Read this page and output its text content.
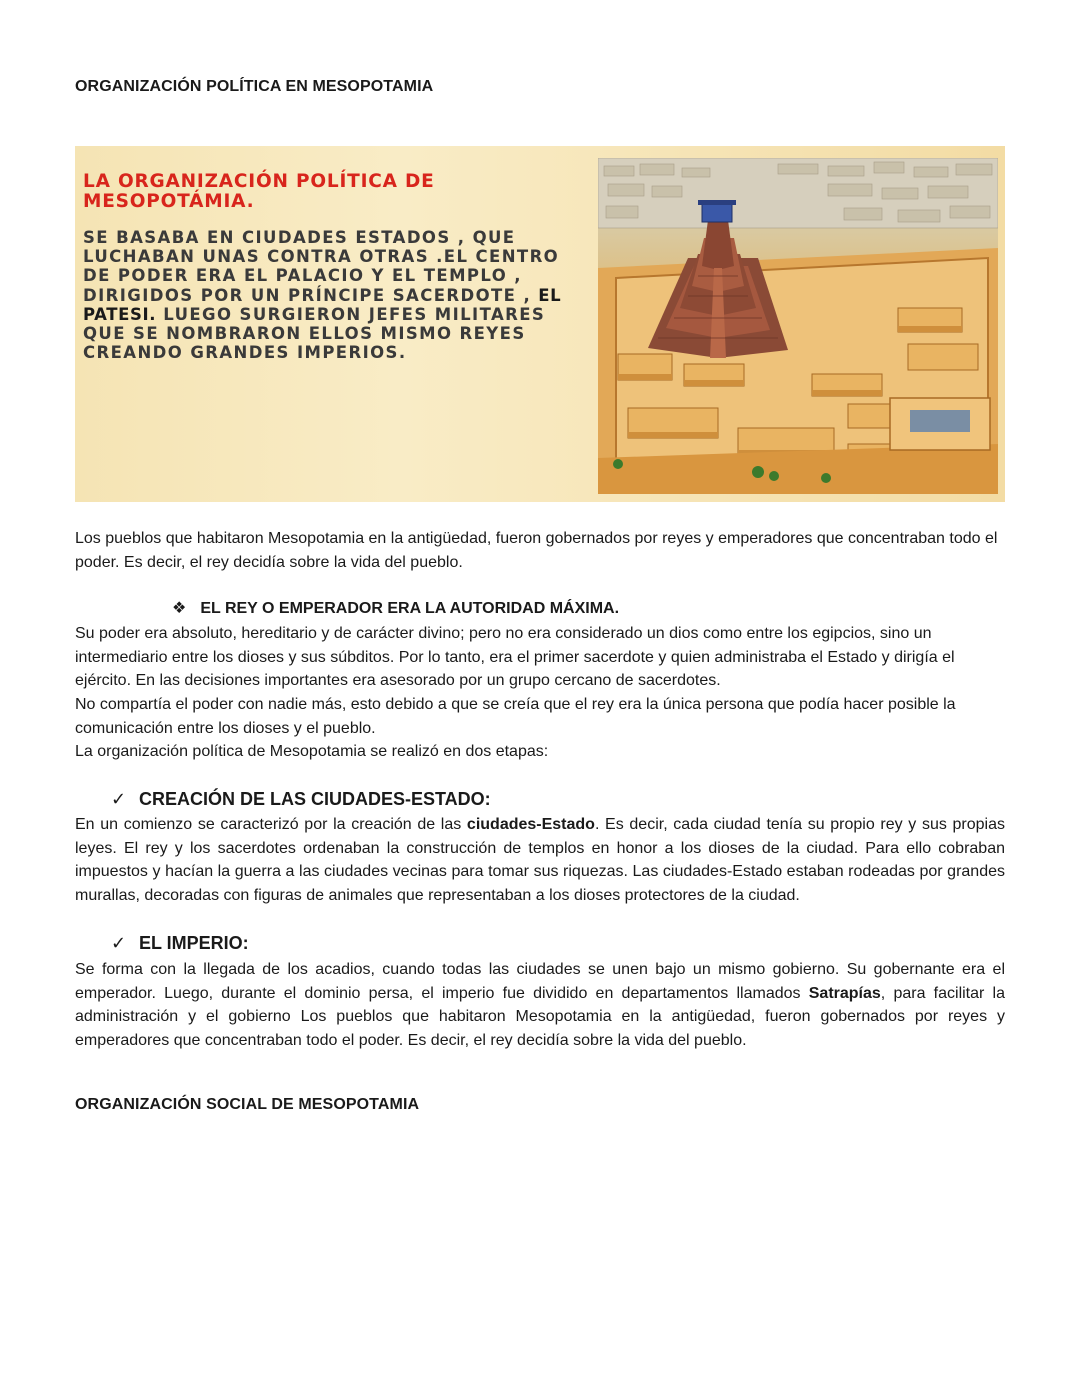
ORGANIZACIÓN POLÍTICA EN MESOPOTAMIA

LA ORGANIZACIÓN POLÍTICA DE MESOPOTÁMIA.

SE BASABA EN CIUDADES ESTADOS , QUE LUCHABAN UNAS CONTRA OTRAS .EL CENTRO DE PODER ERA EL PALACIO Y EL TEMPLO , DIRIGIDOS POR UN PRÍNCIPE SACERDOTE , EL PATESI. LUEGO SURGIERON JEFES MILITARES QUE SE NOMBRARON ELLOS MISMO REYES CREANDO GRANDES IMPERIOS.

Los pueblos que habitaron Mesopotamia en la antigüedad, fueron gobernados por reyes y emperadores que concentraban todo el poder. Es decir, el rey decidía sobre la vida del pueblo.

❖ EL REY O EMPERADOR ERA LA AUTORIDAD MÁXIMA.

Su poder era absoluto, hereditario y de carácter divino; pero no era considerado un dios como entre los egipcios, sino un intermediario entre los dioses y sus súbditos. Por lo tanto, era el primer sacerdote y quien administraba el Estado y dirigía el ejército. En las decisiones importantes era asesorado por un grupo cercano de sacerdotes.

No compartía el poder con nadie más, esto debido a que se creía que el rey era la única persona que podía hacer posible la comunicación entre los dioses y el pueblo.

La organización política de Mesopotamia se realizó en dos etapas:

✓ CREACIÓN DE LAS CIUDADES-ESTADO:

En un comienzo se caracterizó por la creación de las ciudades-Estado. Es decir, cada ciudad tenía su propio rey y sus propias leyes. El rey y los sacerdotes ordenaban la construcción de templos en honor a los dioses de la ciudad. Para ello cobraban impuestos y hacían la guerra a las ciudades vecinas para tomar sus riquezas. Las ciudades-Estado estaban rodeadas por grandes murallas, decoradas con figuras de animales que representaban a los dioses protectores de la ciudad.

✓ EL IMPERIO:

Se forma con la llegada de los acadios, cuando todas las ciudades se unen bajo un mismo gobierno. Su gobernante era el emperador. Luego, durante el dominio persa, el imperio fue dividido en departamentos llamados Satrapías, para facilitar la administración y el gobierno Los pueblos que habitaron Mesopotamia en la antigüedad, fueron gobernados por reyes y emperadores que concentraban todo el poder. Es decir, el rey decidía sobre la vida del pueblo.

ORGANIZACIÓN SOCIAL DE MESOPOTAMIA
